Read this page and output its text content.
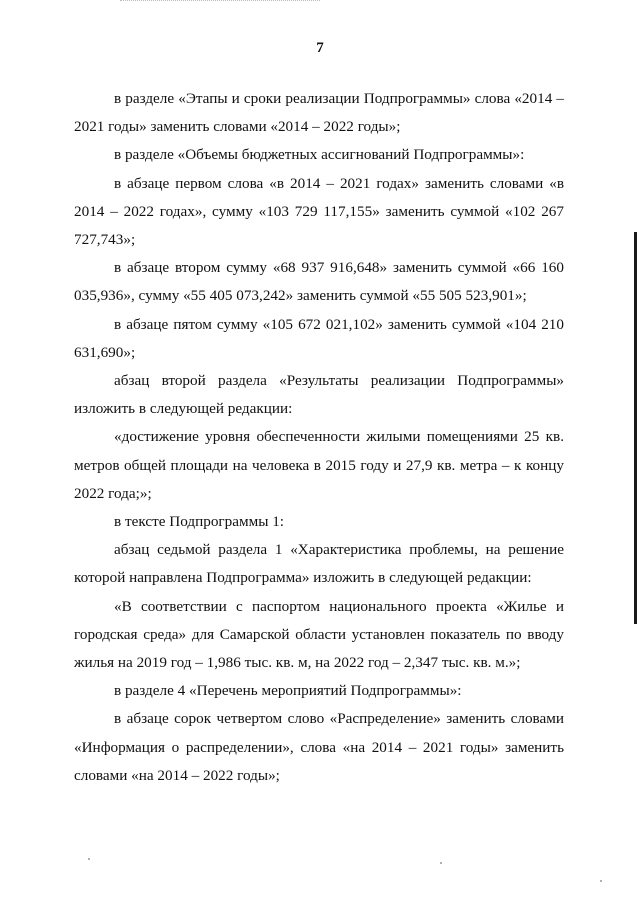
7

в разделе «Этапы и сроки реализации Подпрограммы» слова «2014 – 2021 годы» заменить словами «2014 – 2022 годы»;

в разделе «Объемы бюджетных ассигнований Подпрограммы»:

в абзаце первом слова «в 2014 – 2021 годах» заменить словами «в 2014 – 2022 годах», сумму «103 729 117,155» заменить суммой «102 267 727,743»;

в абзаце втором сумму «68 937 916,648» заменить суммой «66 160 035,936», сумму «55 405 073,242» заменить суммой «55 505 523,901»;

в абзаце пятом сумму «105 672 021,102» заменить суммой «104 210 631,690»;

абзац второй раздела «Результаты реализации Подпрограммы» изложить в следующей редакции:

«достижение уровня обеспеченности жилыми помещениями 25 кв. метров общей площади на человека в 2015 году и 27,9 кв. метра – к концу 2022 года;»;

в тексте Подпрограммы 1:

абзац седьмой раздела 1 «Характеристика проблемы, на решение которой направлена Подпрограмма» изложить в следующей редакции:

«В соответствии с паспортом национального проекта «Жилье и городская среда» для Самарской области установлен показатель по вводу жилья на 2019 год – 1,986 тыс. кв. м, на 2022 год – 2,347 тыс. кв. м.»;

в разделе 4 «Перечень мероприятий Подпрограммы»:

в абзаце сорок четвертом слово «Распределение» заменить словами «Информация о распределении», слова «на 2014 – 2021 годы» заменить словами «на 2014 – 2022 годы»;
